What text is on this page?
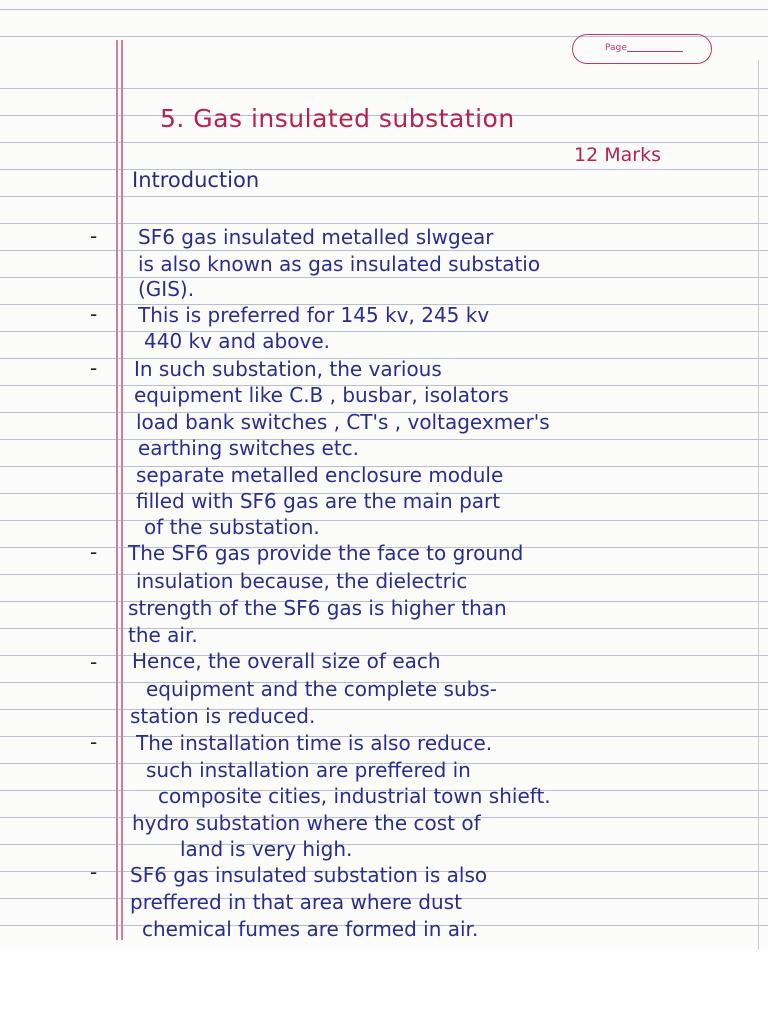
Page
5. Gas insulated substation
12 Marks
Introduction
-
-
-
-
-
-
-
SF6 gas insulated metalled slwgear
is also known as gas insulated substatio
(GIS).
This is preferred for 145 kv, 245 kv
440 kv and above.
In such substation, the various
equipment like C.B , busbar, isolators
load bank switches , CT's , voltagexmer's
earthing switches etc.
separate metalled enclosure module
filled with SF6 gas are the main part
of the substation.
The SF6 gas provide the face to ground
insulation because, the dielectric
strength of the SF6 gas is higher than
the air.
Hence, the overall size of each
equipment and the complete subs-
station is reduced.
The installation time is also reduce.
such installation are preffered in
composite cities, industrial town shieft.
hydro substation where the cost of
land is very high.
SF6 gas insulated substation is also
preffered in that area where dust
chemical fumes are formed in air.
